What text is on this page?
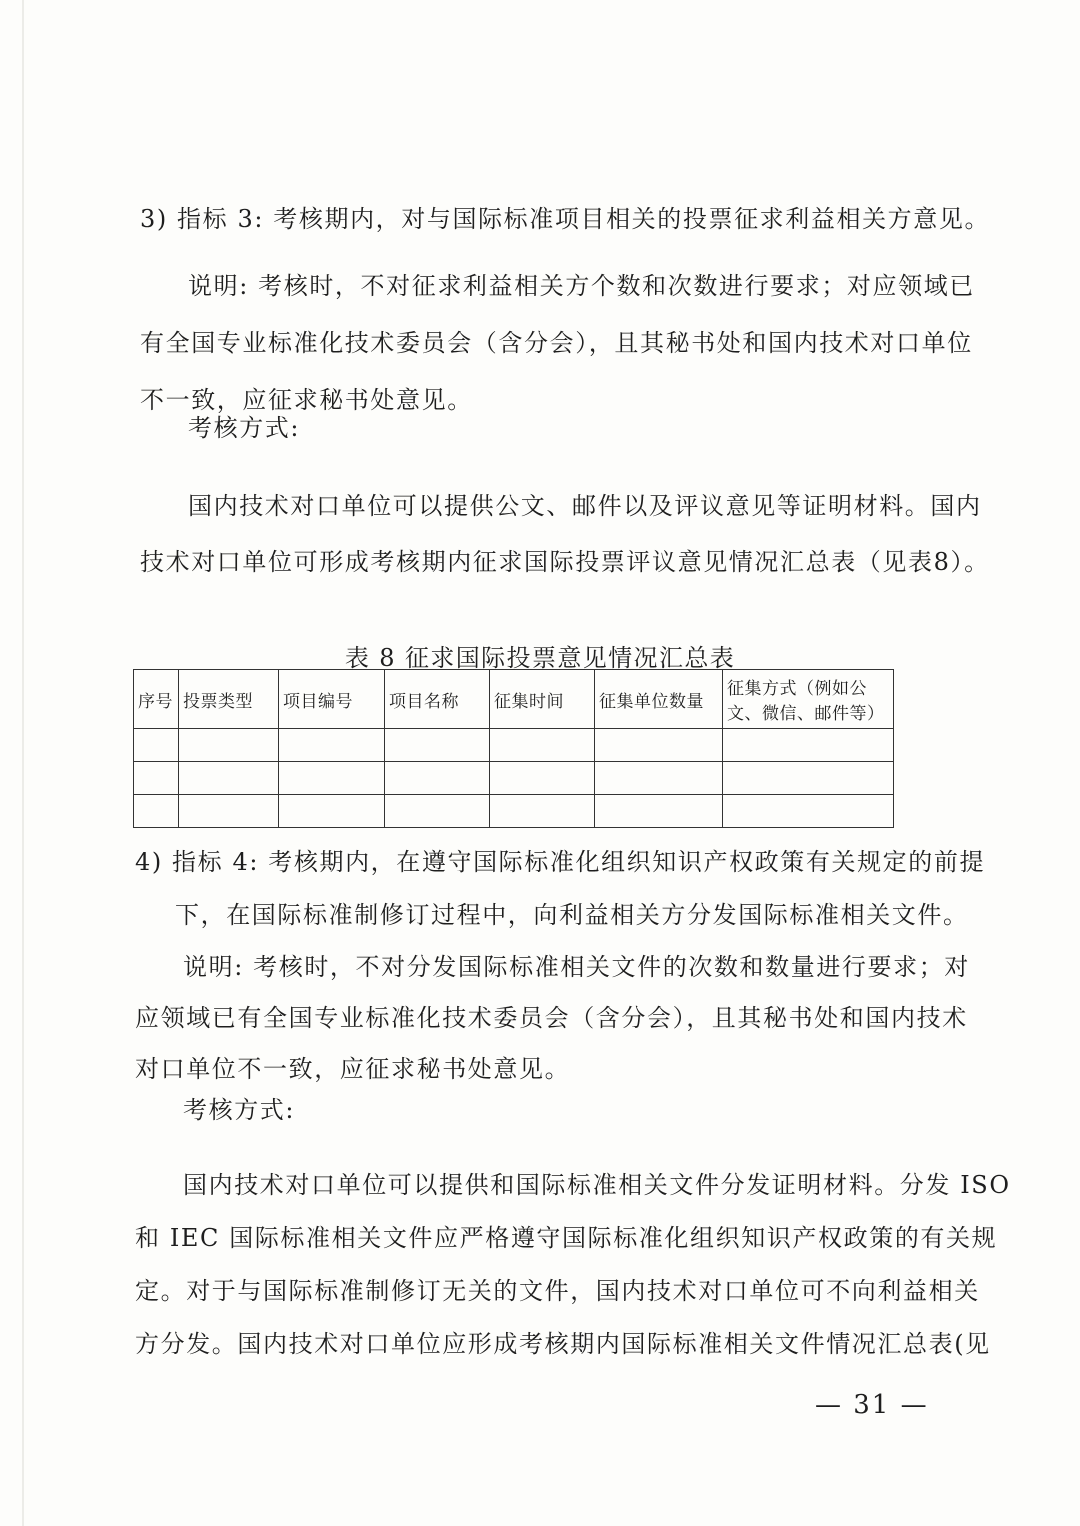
3) 指标 3: 考核期内，对与国际标准项目相关的投票征求利益相关方意见。
说明: 考核时，不对征求利益相关方个数和次数进行要求；对应领域已
有全国专业标准化技术委员会（含分会），且其秘书处和国内技术对口单位
不一致，应征求秘书处意见。
考核方式:
国内技术对口单位可以提供公文、邮件以及评议意见等证明材料。国内
技术对口单位可形成考核期内征求国际投票评议意见情况汇总表（见表8）。
表 8 征求国际投票意见情况汇总表
序号	投票类型	项目编号	项目名称	征集时间	征集单位数量	征集方式（例如公文、微信、邮件等）

4) 指标 4: 考核期内，在遵守国际标准化组织知识产权政策有关规定的前提
下，在国际标准制修订过程中，向利益相关方分发国际标准相关文件。
说明: 考核时，不对分发国际标准相关文件的次数和数量进行要求；对
应领域已有全国专业标准化技术委员会（含分会），且其秘书处和国内技术
对口单位不一致，应征求秘书处意见。
考核方式:
国内技术对口单位可以提供和国际标准相关文件分发证明材料。分发 ISO
和 IEC 国际标准相关文件应严格遵守国际标准化组织知识产权政策的有关规
定。对于与国际标准制修订无关的文件，国内技术对口单位可不向利益相关
方分发。国内技术对口单位应形成考核期内国际标准相关文件情况汇总表(见
— 31 —
